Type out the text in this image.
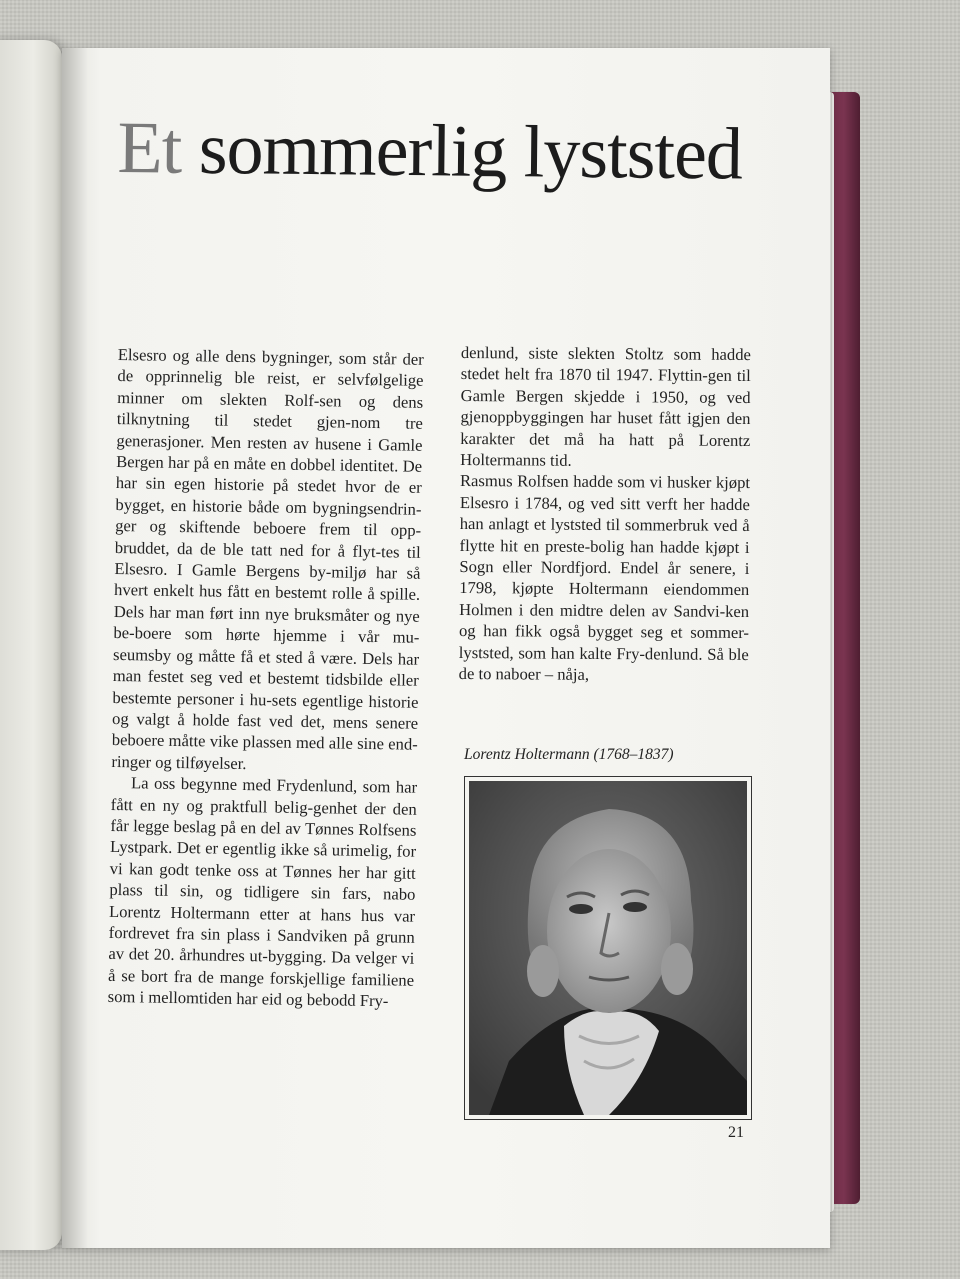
Et sommerlig lyststed

Elsesro og alle dens bygninger, som står der de opprinnelig ble reist, er selvfølgelige minner om slekten Rolf-sen og dens tilknytning til stedet gjen-nom tre generasjoner. Men resten av husene i Gamle Bergen har på en måte en dobbel identitet. De har sin egen historie på stedet hvor de er bygget, en historie både om bygningsendrin-ger og skiftende beboere frem til opp-bruddet, da de ble tatt ned for å flyt-tes til Elsesro. I Gamle Bergens by-miljø har så hvert enkelt hus fått en bestemt rolle å spille. Dels har man ført inn nye bruksmåter og nye be-boere som hørte hjemme i vår mu-seumsby og måtte få et sted å være. Dels har man festet seg ved et bestemt tidsbilde eller bestemte personer i hu-sets egentlige historie og valgt å holde fast ved det, mens senere beboere måtte vike plassen med alle sine end-ringer og tilføyelser.

La oss begynne med Frydenlund, som har fått en ny og praktfull belig-genhet der den får legge beslag på en del av Tønnes Rolfsens Lystpark. Det er egentlig ikke så urimelig, for vi kan godt tenke oss at Tønnes her har gitt plass til sin, og tidligere sin fars, nabo Lorentz Holtermann etter at hans hus var fordrevet fra sin plass i Sandviken på grunn av det 20. århundres ut-bygging. Da velger vi å se bort fra de mange forskjellige familiene som i mellomtiden har eid og bebodd Fry-

denlund, siste slekten Stoltz som hadde stedet helt fra 1870 til 1947. Flyttin-gen til Gamle Bergen skjedde i 1950, og ved gjenoppbyggingen har huset fått igjen den karakter det må ha hatt på Lorentz Holtermanns tid.

Rasmus Rolfsen hadde som vi husker kjøpt Elsesro i 1784, og ved sitt verft her hadde han anlagt et lyststed til sommerbruk ved å flytte hit en preste-bolig han hadde kjøpt i Sogn eller Nordfjord. Endel år senere, i 1798, kjøpte Holtermann eiendommen Holmen i den midtre delen av Sandvi-ken og han fikk også bygget seg et sommer-lyststed, som han kalte Fry-denlund. Så ble de to naboer – nåja,

Lorentz Holtermann (1768–1837)
21
